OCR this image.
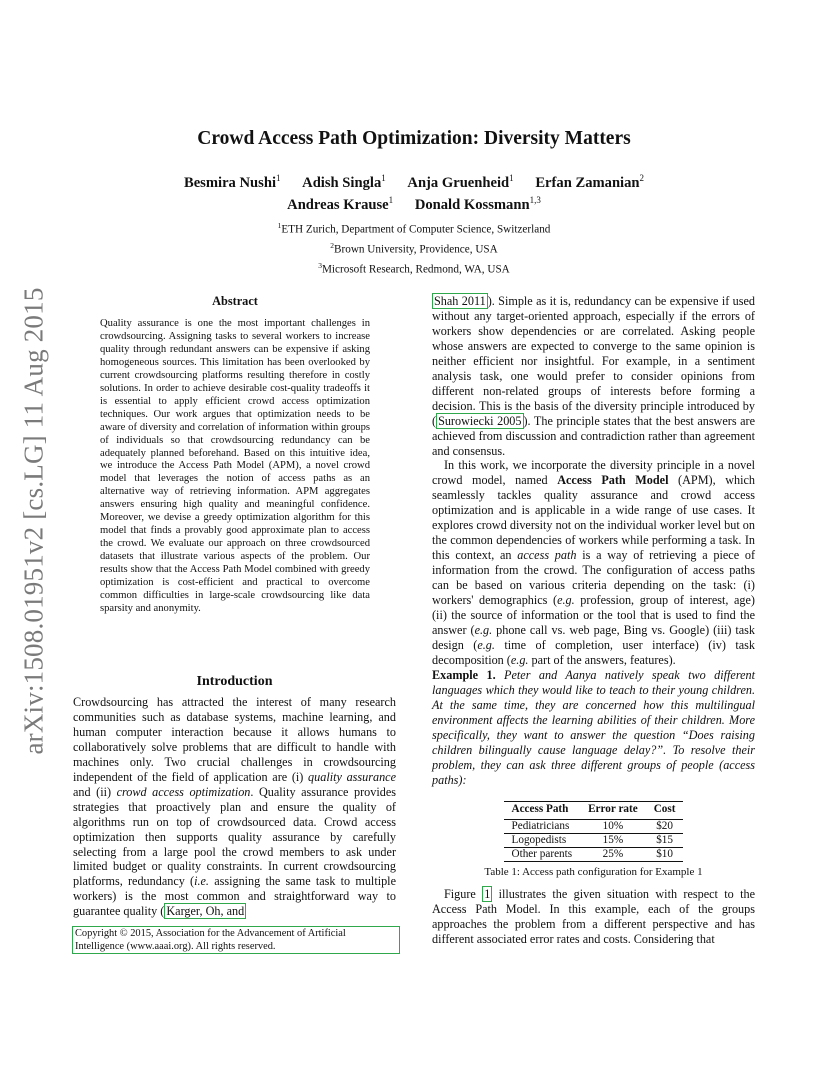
arXiv:1508.01951v2 [cs.LG] 11 Aug 2015
Crowd Access Path Optimization: Diversity Matters
Besmira Nushi$^1$ Adish Singla$^1$ Anja Gruenheid$^1$ Erfan Zamanian$^2$
Andreas Krause$^1$ Donald Kossmann$^{1,3}$
$^1$ETH Zurich, Department of Computer Science, Switzerland
$^2$Brown University, Providence, USA
$^3$Microsoft Research, Redmond, WA, USA
Abstract

Quality assurance is one the most important challenges in crowdsourcing. Assigning tasks to several workers to increase quality through redundant answers can be expensive if asking homogeneous sources. This limitation has been overlooked by current crowdsourcing platforms resulting therefore in costly solutions. In order to achieve desirable cost-quality tradeoffs it is essential to apply efficient crowd access optimization techniques. Our work argues that optimization needs to be aware of diversity and correlation of information within groups of individuals so that crowdsourcing redundancy can be adequately planned beforehand. Based on this intuitive idea, we introduce the Access Path Model (APM), a novel crowd model that leverages the notion of access paths as an alternative way of retrieving information. APM aggregates answers ensuring high quality and meaningful confidence. Moreover, we devise a greedy optimization algorithm for this model that finds a provably good approximate plan to access the crowd. We evaluate our approach on three crowdsourced datasets that illustrate various aspects of the problem. Our results show that the Access Path Model combined with greedy optimization is cost-efficient and practical to overcome common difficulties in large-scale crowdsourcing like data sparsity and anonymity.

Introduction

Crowdsourcing has attracted the interest of many research communities such as database systems, machine learning, and human computer interaction because it allows humans to collaboratively solve problems that are difficult to handle with machines only. Two crucial challenges in crowdsourcing independent of the field of application are (i) quality assurance and (ii) crowd access optimization. Quality assurance provides strategies that proactively plan and ensure the quality of algorithms run on top of crowdsourced data. Crowd access optimization then supports quality assurance by carefully selecting from a large pool the crowd members to ask under limited budget or quality constraints. In current crowdsourcing platforms, redundancy (i.e. assigning the same task to multiple workers) is the most common and straightforward way to guarantee quality ( Karger, Oh, and

Copyright © 2015, Association for the Advancement of Artificial Intelligence (www.aaai.org). All rights reserved.

Shah 2011 ). Simple as it is, redundancy can be expensive if used without any target-oriented approach, especially if the errors of workers show dependencies or are correlated. Asking people whose answers are expected to converge to the same opinion is neither efficient nor insightful. For example, in a sentiment analysis task, one would prefer to consider opinions from different non-related groups of interests before forming a decision. This is the basis of the diversity principle introduced by ( Surowiecki 2005 ). The principle states that the best answers are achieved from discussion and contradiction rather than agreement and consensus.

In this work, we incorporate the diversity principle in a novel crowd model, named Access Path Model (APM), which seamlessly tackles quality assurance and crowd access optimization and is applicable in a wide range of use cases. It explores crowd diversity not on the individual worker level but on the common dependencies of workers while performing a task. In this context, an access path is a way of retrieving a piece of information from the crowd. The configuration of access paths can be based on various criteria depending on the task: (i) workers' demographics (e.g. profession, group of interest, age) (ii) the source of information or the tool that is used to find the answer (e.g. phone call vs. web page, Bing vs. Google) (iii) task design (e.g. time of completion, user interface) (iv) task decomposition (e.g. part of the answers, features).

Example 1. Peter and Aanya natively speak two different languages which they would like to teach to their young children. At the same time, they are concerned how this multilingual environment affects the learning abilities of their children. More specifically, they want to answer the question “Does raising children bilingually cause language delay?”. To resolve their problem, they can ask three different groups of people (access paths):

Access Path	Error rate	Cost
Pediatricians	10%	$20
Logopedists	15%	$15
Other parents	25%	$10
Table 1: Access path configuration for Example 1

Figure 1 illustrates the given situation with respect to the Access Path Model. In this example, each of the groups approaches the problem from a different perspective and has different associated error rates and costs. Considering that
